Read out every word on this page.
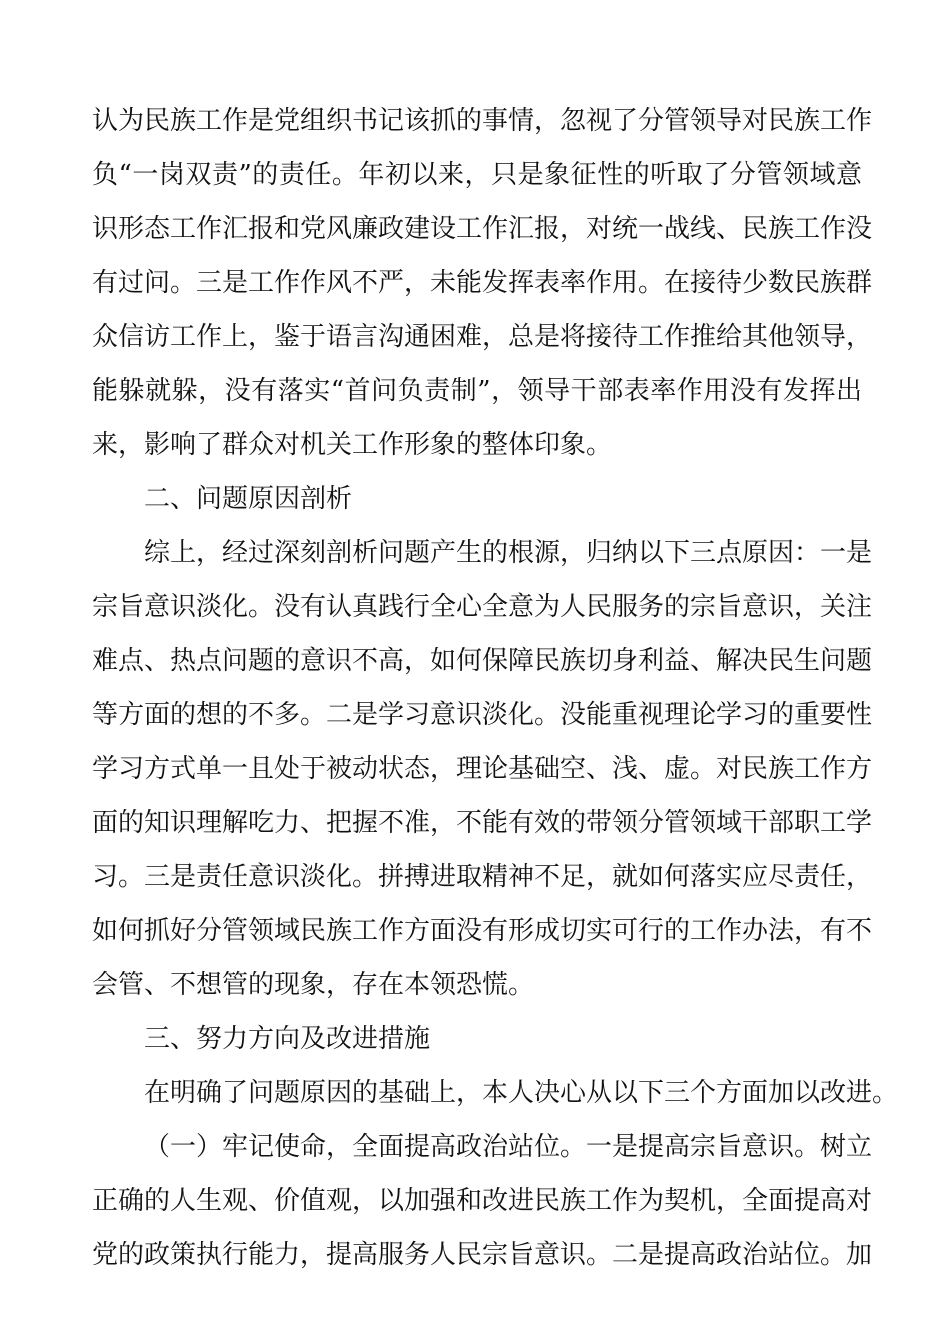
认为民族工作是党组织书记该抓的事情，忽视了分管领导对民族工作
负“一岗双责”的责任。年初以来，只是象征性的听取了分管领域意
识形态工作汇报和党风廉政建设工作汇报，对统一战线、民族工作没
有过问。三是工作作风不严，未能发挥表率作用。在接待少数民族群
众信访工作上，鉴于语言沟通困难，总是将接待工作推给其他领导，
能躲就躲，没有落实“首问负责制”，领导干部表率作用没有发挥出
来，影响了群众对机关工作形象的整体印象。
二、问题原因剖析
综上，经过深刻剖析问题产生的根源，归纳以下三点原因：一是
宗旨意识淡化。没有认真践行全心全意为人民服务的宗旨意识，关注
难点、热点问题的意识不高，如何保障民族切身利益、解决民生问题
等方面的想的不多。二是学习意识淡化。没能重视理论学习的重要性
学习方式单一且处于被动状态，理论基础空、浅、虚。对民族工作方
面的知识理解吃力、把握不准，不能有效的带领分管领域干部职工学
习。三是责任意识淡化。拼搏进取精神不足，就如何落实应尽责任，
如何抓好分管领域民族工作方面没有形成切实可行的工作办法，有不
会管、不想管的现象，存在本领恐慌。
三、努力方向及改进措施
在明确了问题原因的基础上，本人决心从以下三个方面加以改进。
（一）牢记使命，全面提高政治站位。一是提高宗旨意识。树立
正确的人生观、价值观，以加强和改进民族工作为契机，全面提高对
党的政策执行能力，提高服务人民宗旨意识。二是提高政治站位。加
